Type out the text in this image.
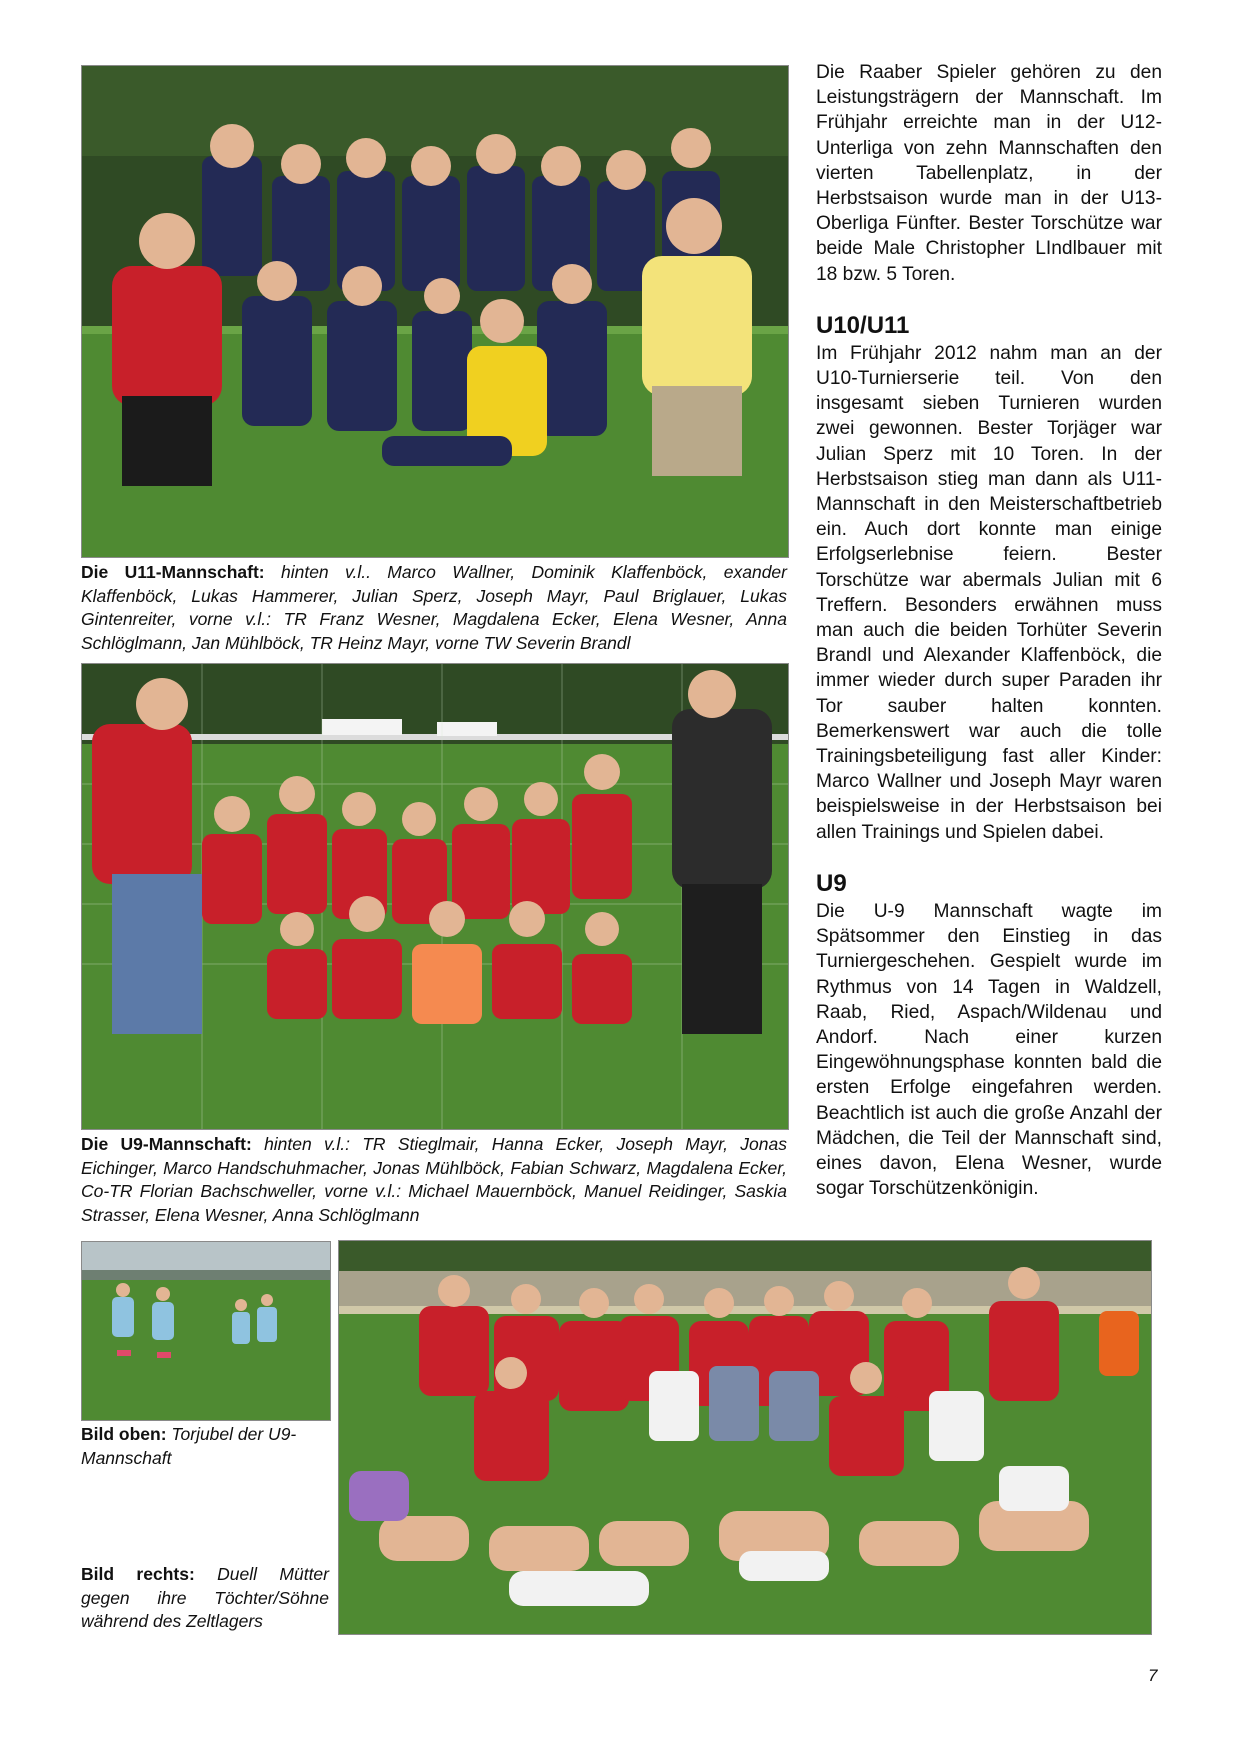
Die U11-Mannschaft: hinten v.l.. Marco Wallner, Dominik Klaffenböck, exander Klaffenböck, Lukas Hammerer, Julian Sperz, Joseph Mayr, Paul Briglauer, Lukas Gintenreiter, vorne v.l.: TR Franz Wesner, Magdalena Ecker, Elena Wesner, Anna Schlöglmann, Jan Mühlböck, TR Heinz Mayr, vorne TW Severin Brandl

Die U9-Mannschaft: hinten v.l.: TR Stieglmair, Hanna Ecker, Joseph Mayr, Jonas Eichinger, Marco Handschuhmacher, Jonas Mühlböck, Fabian Schwarz, Magdalena Ecker, Co-TR Florian Bachschweller, vorne v.l.: Michael Mauernböck, Manuel Reidinger, Saskia Strasser, Elena Wesner, Anna Schlöglmann

Bild oben: Torjubel der U9-Mannschaft

Bild rechts: Duell Mütter gegen ihre Töchter/Söhne während des Zeltlagers

Die Raaber Spieler gehören zu den Leistungsträgern der Mannschaft. Im Frühjahr erreichte man in der U12-Unterliga von zehn Mannschaften den vierten Tabellenplatz, in der Herbstsaison wurde man in der U13-Oberliga Fünfter. Bester Torschütze war beide Male Christopher LIndlbauer mit 18 bzw. 5 Toren.

U10/U11

Im Frühjahr 2012 nahm man an der U10-Turnierserie teil. Von den insgesamt sieben Turnieren wurden zwei gewonnen. Bester Torjäger war Julian Sperz mit 10 Toren. In der Herbstsaison stieg man dann als U11-Mannschaft in den Meisterschaftbetrieb ein. Auch dort konnte man einige Erfolgserlebnise feiern. Bester Torschütze war abermals Julian mit 6 Treffern. Besonders erwähnen muss man auch die beiden Torhüter Severin Brandl und Alexander Klaffenböck, die immer wieder durch super Paraden ihr Tor sauber halten konnten. Bemerkenswert war auch die tolle Trainingsbeteiligung fast aller Kinder: Marco Wallner und Joseph Mayr waren beispielsweise in der Herbstsaison bei allen Trainings und Spielen dabei.

U9

Die U-9 Mannschaft wagte im Spätsommer den Einstieg in das Turniergeschehen. Gespielt wurde im Rythmus von 14 Tagen in Waldzell, Raab, Ried, Aspach/Wildenau und Andorf. Nach einer kurzen Eingewöhnungsphase konnten bald die ersten Erfolge eingefahren werden. Beachtlich ist auch die große Anzahl der Mädchen, die Teil der Mannschaft sind, eines davon, Elena Wesner, wurde sogar Torschützenkönigin.

7
